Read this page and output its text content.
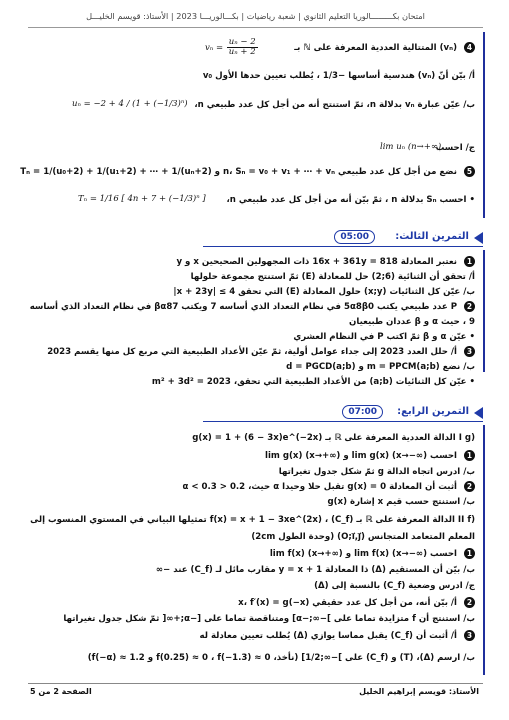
امتحان بكـــــــــالوريا التعليم الثانوي | شعبة رياضيات | بكـــالوريـــا 2023 | الأستاذ: قويسم الخليـــل
4 (vₙ) المتتالية العددية المعرفة على ℕ بـ
$v_n = \frac{\text{uₙ − 2}}{\text{uₙ + 2}}$
أ/ بيّن أنّ (vₙ) هندسية أساسها −1/3 ، يُطلب تعيين حدها الأول v₀
ب/ عيّن عبارة vₙ بدلالة n، ثمّ استنتج أنه من أجل كل عدد طبيعي n،
uₙ = −2 + 4 / (1 + (−1/3)ⁿ)
ج/ احسب
lim uₙ (n→+∞)
5 نضع من أجل كل عدد طبيعي n، Sₙ = v₀ + v₁ + ⋯ + vₙ و Tₙ = 1/(u₀+2) + 1/(u₁+2) + ⋯ + 1/(uₙ+2)
• احسب Sₙ بدلالة n ، ثمّ بيّن أنه من أجل كل عدد طبيعي n،
Tₙ = 1/16 [ 4n + 7 + (−1/3)ⁿ ]
التمرين الثالث:
05:00
1 نعتبر المعادلة 16x + 361y = 818 ذات المجهولين الصحيحين x و y
أ/ تحقق أن الثنائية (6;2) حل للمعادلة (E) ثمّ استنتج مجموعة حلولها
ب/ عيّن كل الثنائيات (x;y) حلول المعادلة (E) التي تحقق 4 ≥ |x + 23y|
2 P عدد طبيعي يكتب 5α8β0 في نظام التعداد الذي أساسه 7 ويكتب βα87 في نظام التعداد الذي أساسه
9 ، حيث α و β عددان طبيعيان
• عيّن α و β ثمّ اكتب P في النظام العشري
3 أ/ حلل العدد 2023 إلى جداء عوامل أولية، ثمّ عيّن الأعداد الطبيعية التي مربع كل منها يقسم 2023
ب/ نضع m = PPCM(a;b) و d = PGCD(a;b)
• عيّن كل الثنائيات (a;b) من الأعداد الطبيعية التي تحقق، m² + 3d² = 2023
التمرين الرابع:
07:00
(I g الدالة العددية المعرفة على ℝ بـ g(x) = 1 + (6 − 3x)e^(−2x)
1 احسب lim g(x) (x→−∞) و lim g(x) (x→+∞)
ب/ ادرس اتجاه الدالة g ثمّ شكل جدول تغيراتها
2 أثبت أن المعادلة g(x) = 0 تقبل حلا وحيدا α حيث، 0.2 < α < 0.3
ب/ استنتج حسب قيم x إشارة g(x)
(II f الدالة المعرفة على ℝ بـ f(x) = x + 1 − 3xe^(2x) ، (C_f) تمثيلها البياني في المستوي المنسوب إلى
المعلم المتعامد المتجانس (O;i⃗,j⃗) (وحدة الطول 2cm)
1 احسب lim f(x) (x→−∞) و lim f(x) (x→+∞)
ب/ بيّن أن المستقيم (Δ) ذا المعادلة y = x + 1 مقارب مائل لـ (C_f) عند −∞
ج/ ادرس وضعية (C_f) بالنسبة إلى (Δ)
2 أ/ بيّن أنه، من أجل كل عدد حقيقي x، f′(x) = g(−x)
ب/ استنتج أن f متزايدة تماما على ]−∞;−α] ومتناقصة تماما على [−α;+∞[ ثمّ شكل جدول تغيراتها
3 أ/ أثبت أن (C_f) يقبل مماسا يوازي (Δ) يُطلب تعيين معادلة له
ب/ ارسم (Δ)، (T) و (C_f) على ]−∞;1/2] (نأخذ، f(0.25) ≈ 0 ، f(−1.3) ≈ 0 و f(−α) ≈ 1.2)
الأستاذ: قويسم إبراهيم الخليل
الصفحة 2 من 5
